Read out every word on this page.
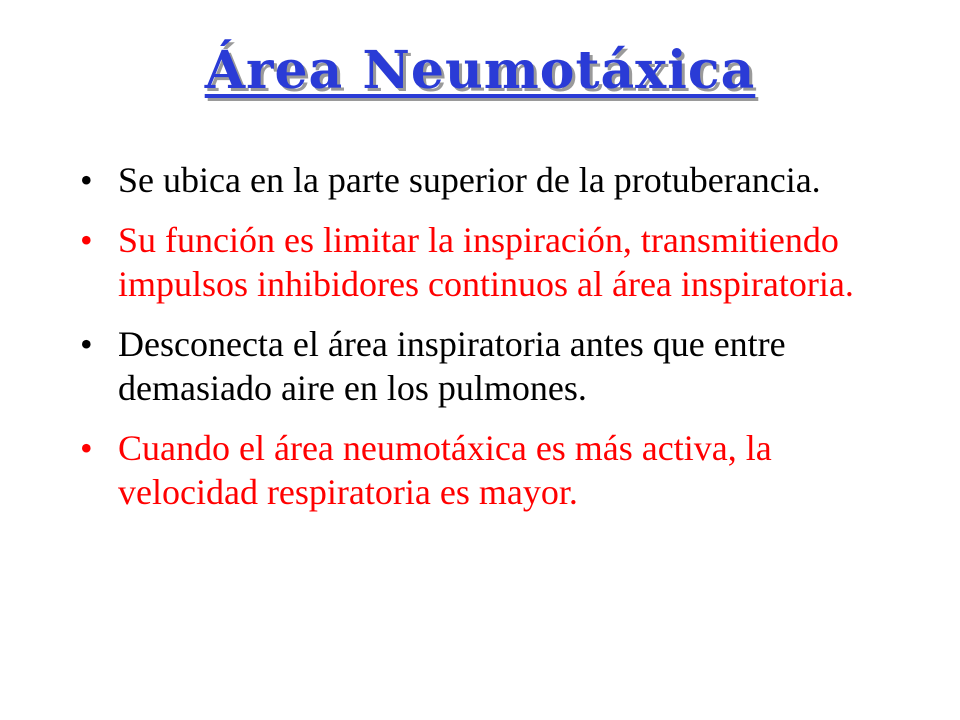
Área Neumotáxica
• Se ubica en la parte superior de la protuberancia.
• Su función es limitar la inspiración, transmitiendo impulsos inhibidores continuos al área inspiratoria.
• Desconecta el área inspiratoria antes que entre demasiado aire en los pulmones.
• Cuando el área neumotáxica es más activa, la velocidad respiratoria es mayor.
